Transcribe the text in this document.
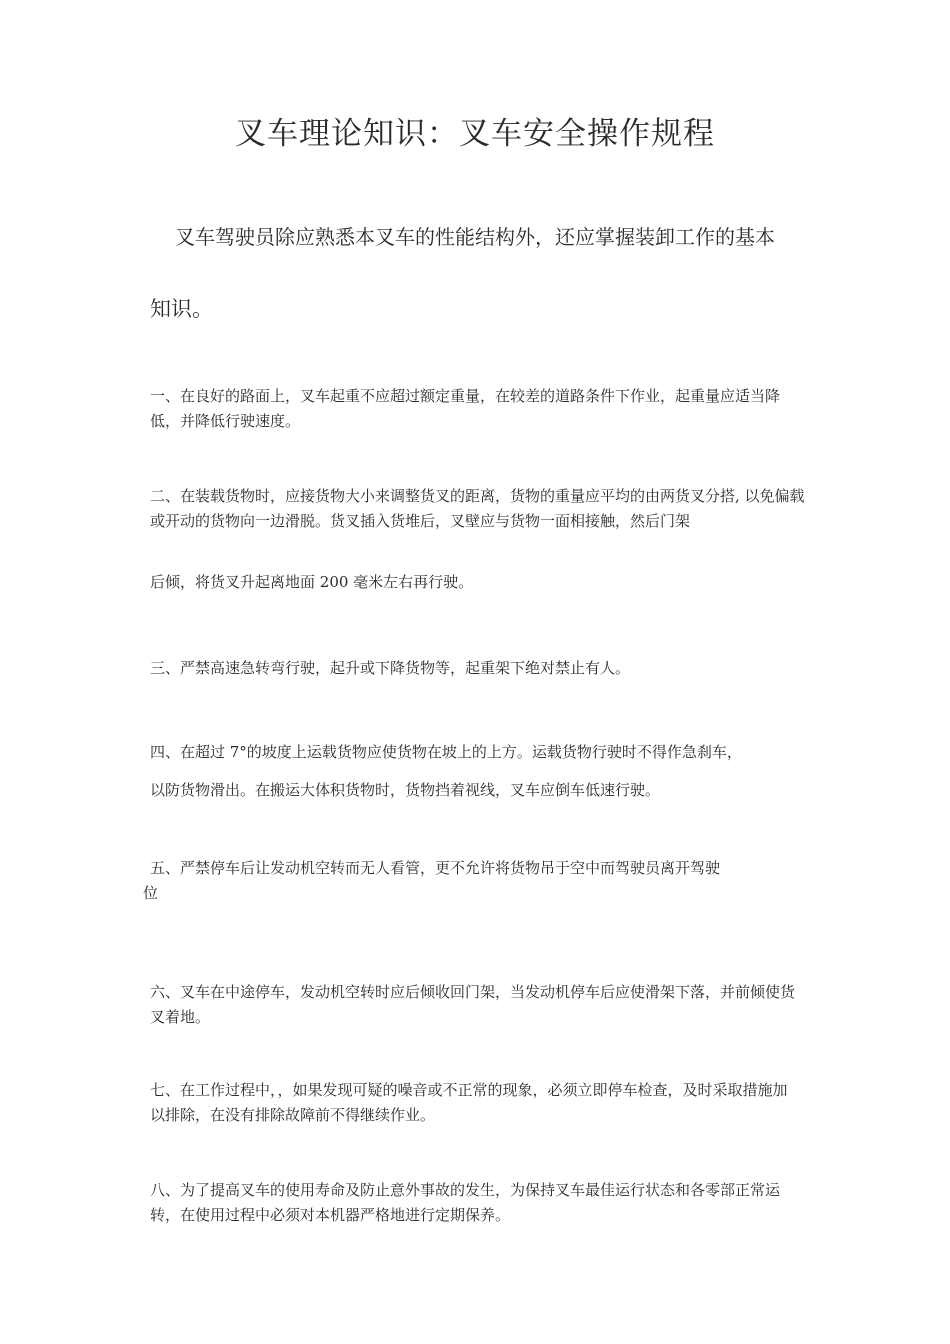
叉车理论知识：叉车安全操作规程

叉车驾驶员除应熟悉本叉车的性能结构外，还应掌握装卸工作的基本

知识。

一、在良好的路面上，叉车起重不应超过额定重量，在较差的道路条件下作业，起重量应适当降低，并降低行驶速度。

二、在装载货物时，应接货物大小来调整货叉的距离，货物的重量应平均的由两货叉分搭, 以免偏载或开动的货物向一边滑脱。货叉插入货堆后，叉壁应与货物一面相接触，然后门架

后倾，将货叉升起离地面 200 毫米左右再行驶。

三、严禁高速急转弯行驶，起升或下降货物等，起重架下绝对禁止有人。

四、在超过 7°的坡度上运载货物应使货物在坡上的上方。运载货物行驶时不得作急刹车，

以防货物滑出。在搬运大体积货物时，货物挡着视线，叉车应倒车低速行驶。

五、严禁停车后让发动机空转而无人看管，更不允许将货物吊于空中而驾驶员离开驾驶

位

六、叉车在中途停车，发动机空转时应后倾收回门架，当发动机停车后应使滑架下落，并前倾使货叉着地。

七、在工作过程中，，如果发现可疑的噪音或不正常的现象，必须立即停车检查，及时采取措施加以排除，在没有排除故障前不得继续作业。

八、为了提高叉车的使用寿命及防止意外事故的发生，为保持叉车最佳运行状态和各零部正常运转，在使用过程中必须对本机器严格地进行定期保养。
